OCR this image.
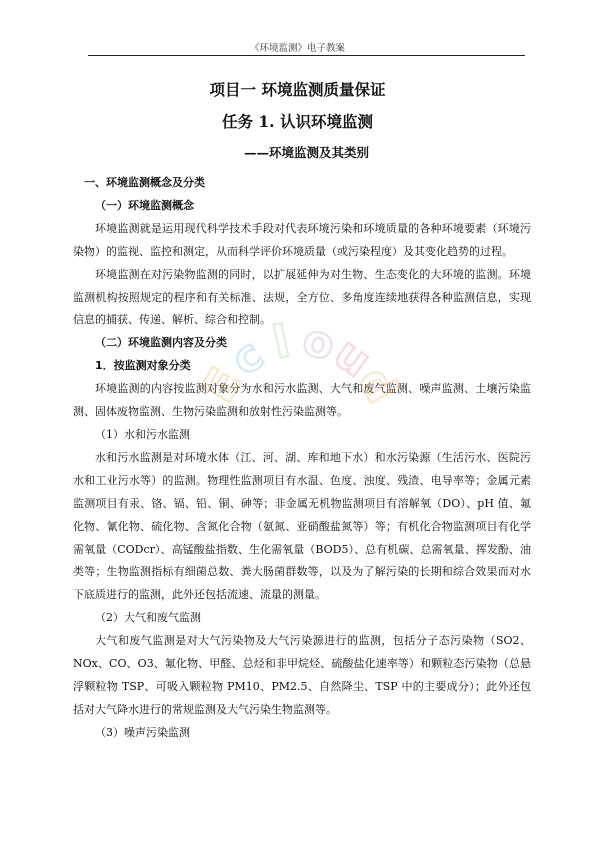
《环境监测》电子教案
项目一 环境监测质量保证
任务 1. 认识环境监测
——环境监测及其类别

一、环境监测概念及分类

（一）环境监测概念

环境监测就是运用现代科学技术手段对代表环境污染和环境质量的各种环境要素（环境污染物）的监视、监控和测定，从而科学评价环境质量（或污染程度）及其变化趋势的过程。

环境监测在对污染物监测的同时，以扩展延伸为对生物、生态变化的大环境的监测。环境监测机构按照规定的程序和有关标准、法规，全方位、多角度连续地获得各种监测信息，实现信息的捕获、传递、解析、综合和控制。

（二）环境监测内容及分类

1．按监测对象分类

环境监测的内容按监测对象分为水和污水监测、大气和废气监测、噪声监测、土壤污染监测、固体废物监测、生物污染监测和放射性污染监测等。

（1）水和污水监测

水和污水监测是对环境水体（江、河、湖、库和地下水）和水污染源（生活污水、医院污水和工业污水等）的监测。物理性监测项目有水温、色度、浊度、残渣、电导率等；金属元素监测项目有汞、铬、镉、铅、铜、砷等；非金属无机物监测项目有溶解氧（DO）、pH 值、氟化物、氰化物、硫化物、含氮化合物（氨氮、亚硝酸盐氮等）等；有机化合物监测项目有化学需氧量（CODcr）、高锰酸盐指数、生化需氧量（BOD5）、总有机碳、总需氧量、挥发酚、油类等；生物监测指标有细菌总数、粪大肠菌群数等，以及为了解污染的长期和综合效果而对水下底质进行的监测，此外还包括流速、流量的测量。

（2）大气和废气监测

大气和废气监测是对大气污染物及大气污染源进行的监测，包括分子态污染物（SO2、NOx、CO、O3、氟化物、甲醛、总烃和非甲烷烃、硫酸盐化速率等）和颗粒态污染物（总悬浮颗粒物 TSP、可吸入颗粒物 PM10、PM2.5、自然降尘、TSP 中的主要成分）；此外还包括对大气降水进行的常规监测及大气污染生物监测等。

（3）噪声污染监测

E
c
l o
u
d
